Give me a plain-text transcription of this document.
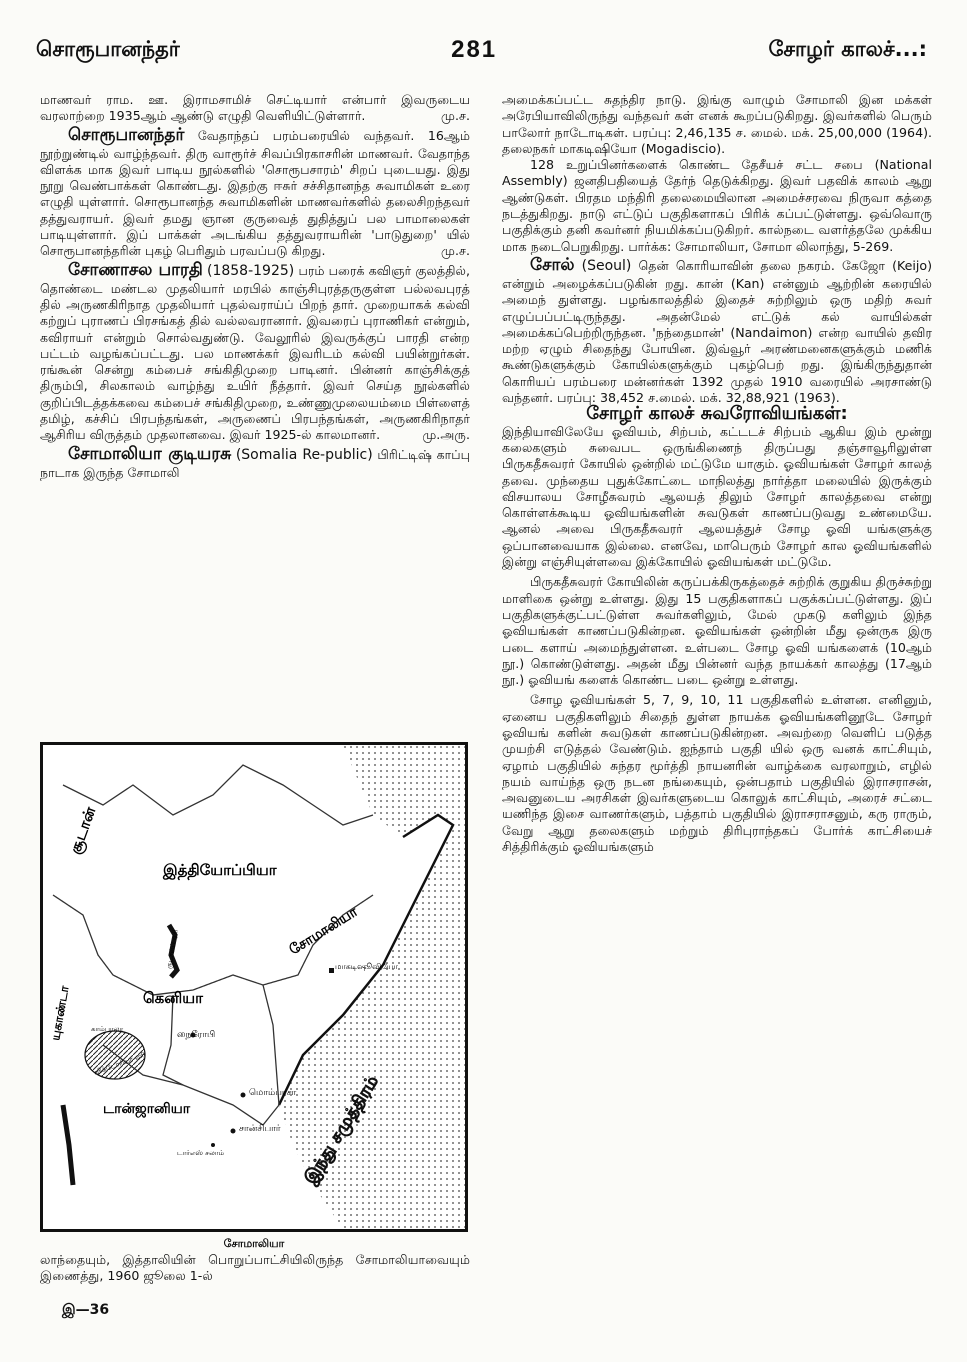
சொரூபானந்தர்	281	சோழர் காலச்...:

மாணவர் ராம. ஊ. இராமசாமிச் செட்டியார் என்பார் இவருடைய வரலாற்றை 1935ஆம் ஆண்டு எழுதி வெளியிட்டுள்ளார்.	மு.ச.

சொரூபானந்தர் வேதாந்தப் பரம்பரையில் வந்தவர். 16ஆம் நூற்றுண்டில் வாழ்ந்தவர். திரு வாரூர்ச் சிவப்பிரகாசரின் மாணவர். வேதாந்த விளக்க மாக இவர் பாடிய நூல்களில் 'சொரூபசாரம்' சிறப் புடையது. இது நூறு வெண்பாக்கள் கொண்டது. இதற்கு ஈசுர் சச்சிதானந்த சுவாமிகள் உரை எழுதி யுள்ளார். சொரூபானந்த சுவாமிகளின் மாணவர்களில் தலைசிறந்தவர் தத்துவராயர். இவர் தமது ஞான குருவைத் துதித்துப் பல பாமாலைகள் பாடியுள்ளார். இப் பாக்கள் அடங்கிய தத்துவராயரின் 'பாடுதுறை' யில் சொரூபானந்தரின் புகழ் பெரிதும் பரவப்படு கிறது.	மு.ச.

சோணாசல பாரதி (1858-1925) பரம் பரைக் கவிஞர் குலத்தில், தொண்டை மண்டல முதலியார் மரபில் காஞ்சிபுரத்தருகுள்ள பல்லவபுரத் தில் அருணகிரிநாத முதலியார் புதல்வராய்ப் பிறந் தார். முறையாகக் கல்வி கற்றுப் புராணப் பிரசங்கத் தில் வல்லவரானார். இவரைப் புராணிகர் என்றும், கவிராயர் என்றும் சொல்வதுண்டு. வேலூரில் இவருக்குப் பாரதி என்ற பட்டம் வழங்கப்பட்டது. பல மாணக்கர் இவரிடம் கல்வி பயின்றுர்கள். ரங்கூன் சென்று கம்பைச் சங்கிதிமுறை பாடினர். பின்னர் காஞ்சிக்குத் திரும்பி, சிலகாலம் வாழ்ந்து உயிர் நீத்தார். இவர் செய்த நூல்களில் குறிப்பிடத்தக்கவை கம்பைச் சங்கிதிமுறை, உண்ணுமுலையம்மை பிள்ளைத் தமிழ், கச்சிப் பிரபந்தங்கள், அருணைப் பிரபந்தங்கள், அருணகிரிநாதர் ஆசிரிய விருத்தம் முதலானவை. இவர் 1925-ல் காலமானர்.	மு.அரு.

சோமாலியா குடியரசு (Somalia Re-public) பிரிட்டிஷ் காப்பு நாடாக இருந்த சோமாலி

சூடான்
இத்தியோப்பியா
சோமாலியா
கெனியா
யுகாண்டா
டான்ஜானியா
நைரோபி
மாகடிஷூவியோ
மொம்பாசா
சான்சிபார்
டார்எஸ் சலாம்
ருடால்ப் ஏரி
காம்பாலா
விக்டோரியா ஏரி
இந்து சமுத்திரம்
சோமாலியா
லாந்தையும், இத்தாலியின் பொறுப்பாட்சியிலிருந்த சோமாலியாவையும் இணைத்து, 1960 ஜூலை 1-ல்
இ—36

அமைக்கப்பட்ட சுதந்திர நாடு. இங்கு வாழும் சோமாலி இன மக்கள் அரேபியாவிலிருந்து வந்தவர் கள் எனக் கூறப்படுகிறது. இவர்களில் பெரும் பாலோர் நாடோடிகள். பரப்பு: 2,46,135 ச. மைல். மக். 25,00,000 (1964). தலைநகர் மாகடிஷியோ (Mogadiscio).

128 உறுப்பினர்களைக் கொண்ட தேசீயச் சட்ட சபை (National Assembly) ஜனதிபதியைத் தேர்ந் தெடுக்கிறது. இவர் பதவிக் காலம் ஆறு ஆண்டுகள். பிரதம மந்திரி தலைமையிலான அமைச்சரவை நிருவா கத்தை நடத்துகிறது. நாடு எட்டுப் பகுதிகளாகப் பிரிக் கப்பட்டுள்ளது. ஒவ்வொரு பகுதிக்கும் தனி கவர்னர் நியமிக்கப்படுகிறர். கால்நடை வளர்த்தலே முக்கிய மாக நடைபெறுகிறது. பார்க்க: சோமாலியா, சோமா லிலாந்து, 5-269.

சோல் (Seoul) தென் கொரியாவின் தலை நகரம். கேஜோ (Keijo) என்றும் அழைக்கப்படுகின் றது. கான் (Kan) என்னும் ஆற்றின் கரையில் அமைந் துள்ளது. பழங்காலத்தில் இதைச் சுற்றிலும் ஒரு மதிற் சுவர் எழுப்பப்பட்டிருந்தது. அதன்மேல் எட்டுக் கல் வாயில்கள் அமைக்கப்பெற்றிருந்தன. 'நந்தைமான்' (Nandaimon) என்ற வாயில் தவிர மற்ற ஏழும் சிதைந்து போயின. இவ்வூர் அரண்மனைகளுக்கும் மணிக் கூண்டுகளுக்கும் கோயில்களுக்கும் புகழ்பெற் றது. இங்கிருந்துதான் கொரியப் பரம்பரை மன்னர்கள் 1392 முதல் 1910 வரையில் அரசாண்டு வந்தனர். பரப்பு: 38,452 ச.மைல். மக். 32,88,921 (1963).

சோழர் காலச் சுவரோவியங்கள்:

இந்தியாவிலேயே ஓவியம், சிற்பம், கட்டடச் சிற்பம் ஆகிய இம் மூன்று கலைகளும் சுவைபட ஒருங்கிணைந் திருப்பது தஞ்சாவூரிலுள்ள பிருகதீசுவரர் கோயில் ஒன்றில் மட்டுமே யாகும். ஓவியங்கள் சோழர் காலத் தவை. முந்தைய புதுக்கோட்டை மாநிலத்து நார்த்தா மலையில் இருக்கும் விசயாலய சோழீசுவரம் ஆலயத் திலும் சோழர் காலத்தவை என்று கொள்ளக்கூடிய ஓவியங்களின் சுவடுகள் காணப்படுவது உண்மையே. ஆனல் அவை பிருகதீசுவரர் ஆலயத்துச் சோழ ஓவி யங்களுக்கு ஒப்பானவையாக இல்லை. எனவே, மாபெரும் சோழர் கால ஓவியங்களில் இன்று எஞ்சியுள்ளவை இக்கோயில் ஓவியங்கள் மட்டுமே.

பிருகதீசுவரர் கோயிலின் கருப்பக்கிருகத்தைச் சுற்றிக் குறுகிய திருச்சுற்று மாளிகை ஒன்று உள்ளது. இது 15 பகுதிகளாகப் பகுக்கப்பட்டுள்ளது. இப் பகுதிகளுக்குட்பட்டுள்ள சுவர்களிலும், மேல் முகடு களிலும் இந்த ஓவியங்கள் காணப்படுகின்றன. ஓவியங்கள் ஒன்றின் மீது ஒன்ருக இரு படை களாய் அமைந்துள்ளன. உள்படை சோழ ஓவி யங்களைக் (10ஆம் நூ.) கொண்டுள்ளது. அதன் மீது பின்னர் வந்த நாயக்கர் காலத்து (17ஆம் நூ.) ஓவியங் களைக் கொண்ட படை ஒன்று உள்ளது.

சோழ ஓவியங்கள் 5, 7, 9, 10, 11 பகுதிகளில் உள்ளன. எனினும், ஏனைய பகுதிகளிலும் சிதைந் துள்ள நாயக்க ஓவியங்களினூடே சோழர் ஓவியங் களின் சுவடுகள் காணப்படுகின்றன. அவற்றை வெளிப் படுத்த முயற்சி எடுத்தல் வேண்டும். ஐந்தாம் பகுதி யில் ஒரு வனக் காட்சியும், ஏழாம் பகுதியில் சுந்தர மூர்த்தி நாயனரின் வாழ்க்கை வரலாறும், எழில் நயம் வாய்ந்த ஒரு நடன நங்கையும், ஒன்பதாம் பகுதியில் இராசராசன், அவனுடைய அரசிகள் இவர்களுடைய கொலுக் காட்சியும், அரைச் சட்டை யணிந்த இசை வாணர்களும், பத்தாம் பகுதியில் இராசராசனும், கரு ராரும், வேறு ஆறு தலைகளும் மற்றும் திரிபுராந்தகப் போர்க் காட்சியைச் சித்திரிக்கும் ஓவியங்களும்
